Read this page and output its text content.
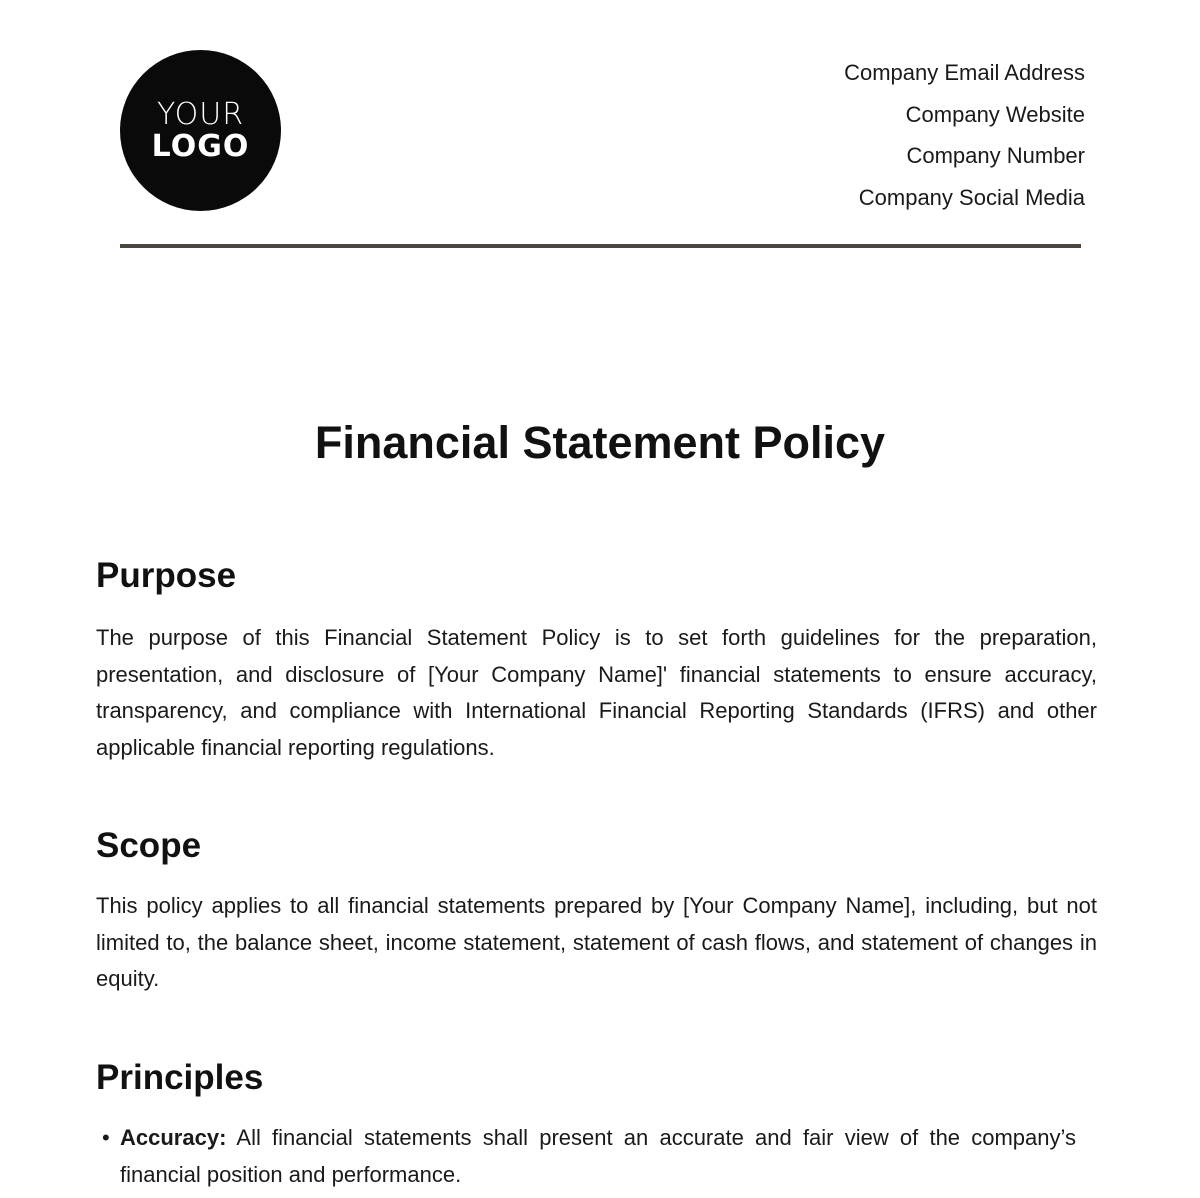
YOUR
LOGO
Company Email Address
Company Website
Company Number
Company Social Media
Financial Statement Policy
Purpose

The purpose of this Financial Statement Policy is to set forth guidelines for the preparation, presentation, and disclosure of [Your Company Name]' financial statements to ensure accuracy, transparency, and compliance with International Financial Reporting Standards (IFRS) and other applicable financial reporting regulations.

Scope

This policy applies to all financial statements prepared by [Your Company Name], including, but not limited to, the balance sheet, income statement, statement of cash flows, and statement of changes in equity.

Principles
• Accuracy: All financial statements shall present an accurate and fair view of the company’s financial position and performance.
